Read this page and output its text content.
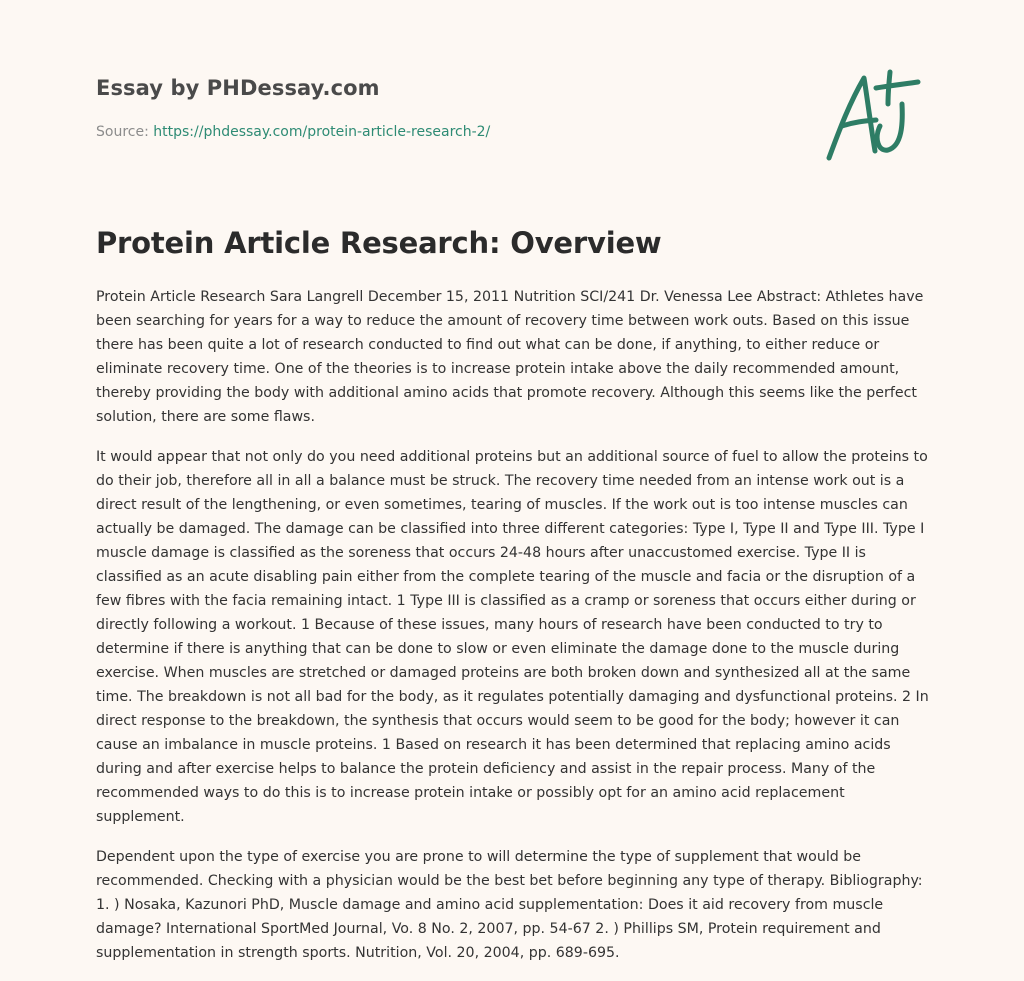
Essay by PHDessay.com
Source: https://phdessay.com/protein-article-research-2/
Protein Article Research: Overview

Protein Article Research Sara Langrell December 15, 2011 Nutrition SCI/241 Dr. Venessa Lee Abstract: Athletes have been searching for years for a way to reduce the amount of recovery time between work outs. Based on this issue there has been quite a lot of research conducted to find out what can be done, if anything, to either reduce or eliminate recovery time. One of the theories is to increase protein intake above the daily recommended amount, thereby providing the body with additional amino acids that promote recovery. Although this seems like the perfect solution, there are some flaws.

It would appear that not only do you need additional proteins but an additional source of fuel to allow the proteins to do their job, therefore all in all a balance must be struck. The recovery time needed from an intense work out is a direct result of the lengthening, or even sometimes, tearing of muscles. If the work out is too intense muscles can actually be damaged. The damage can be classified into three different categories: Type I, Type II and Type III. Type I muscle damage is classified as the soreness that occurs 24-48 hours after unaccustomed exercise. Type II is classified as an acute disabling pain either from the complete tearing of the muscle and facia or the disruption of a few fibres with the facia remaining intact. 1 Type III is classified as a cramp or soreness that occurs either during or directly following a workout. 1 Because of these issues, many hours of research have been conducted to try to determine if there is anything that can be done to slow or even eliminate the damage done to the muscle during exercise. When muscles are stretched or damaged proteins are both broken down and synthesized all at the same time. The breakdown is not all bad for the body, as it regulates potentially damaging and dysfunctional proteins. 2 In direct response to the breakdown, the synthesis that occurs would seem to be good for the body; however it can cause an imbalance in muscle proteins. 1 Based on research it has been determined that replacing amino acids during and after exercise helps to balance the protein deficiency and assist in the repair process. Many of the recommended ways to do this is to increase protein intake or possibly opt for an amino acid replacement supplement.

Dependent upon the type of exercise you are prone to will determine the type of supplement that would be recommended. Checking with a physician would be the best bet before beginning any type of therapy. Bibliography: 1. ) Nosaka, Kazunori PhD, Muscle damage and amino acid supplementation: Does it aid recovery from muscle damage? International SportMed Journal, Vo. 8 No. 2, 2007, pp. 54-67 2. ) Phillips SM, Protein requirement and supplementation in strength sports. Nutrition, Vol. 20, 2004, pp. 689-695.
